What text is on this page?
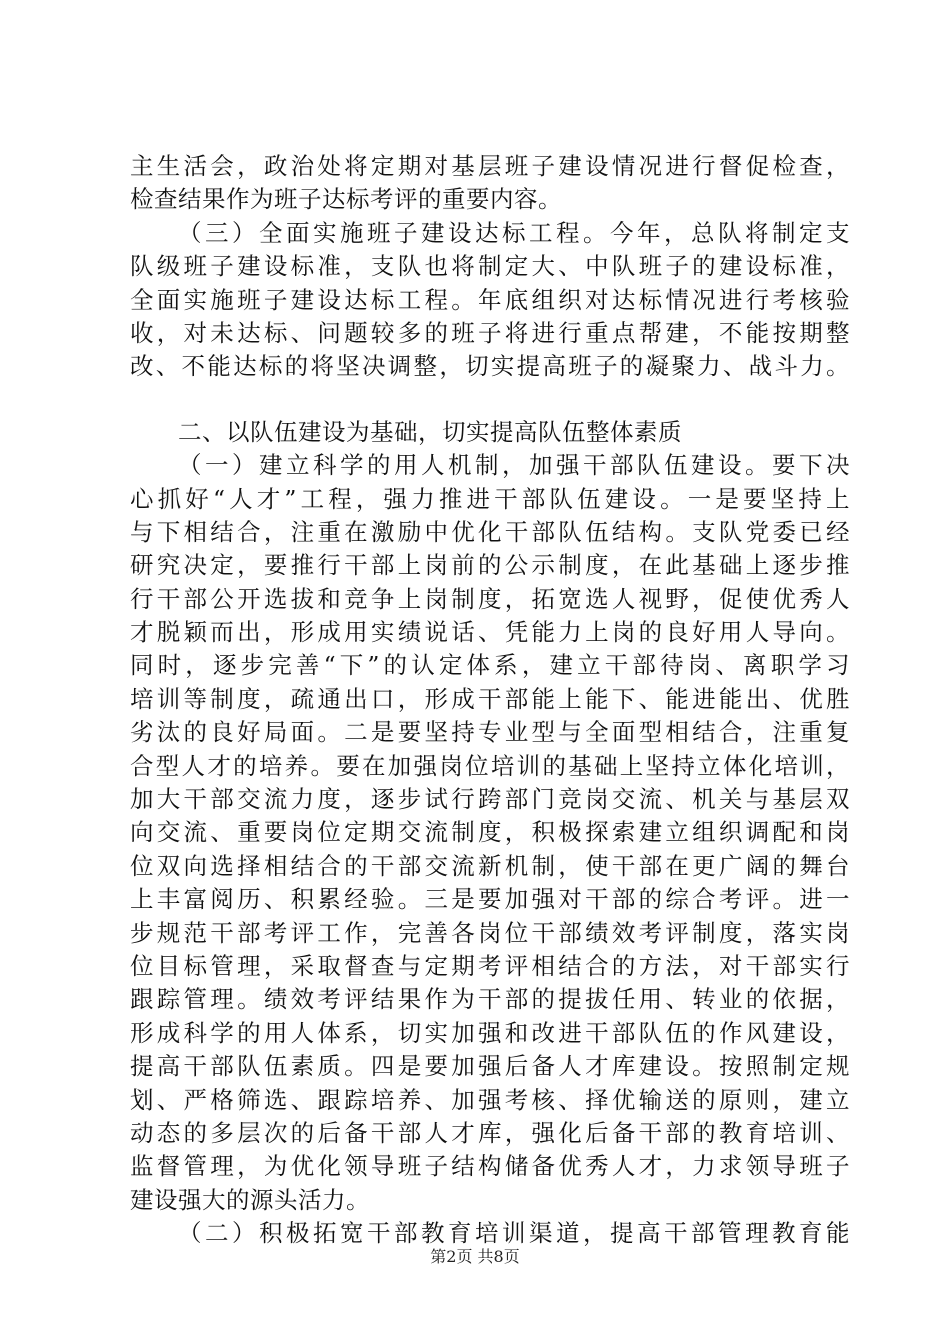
主生活会，政治处将定期对基层班子建设情况进行督促检查，
检查结果作为班子达标考评的重要内容。
（三）全面实施班子建设达标工程。今年，总队将制定支
队级班子建设标准，支队也将制定大、中队班子的建设标准，
全面实施班子建设达标工程。年底组织对达标情况进行考核验
收，对未达标、问题较多的班子将进行重点帮建，不能按期整
改、不能达标的将坚决调整，切实提高班子的凝聚力、战斗力。
二、以队伍建设为基础，切实提高队伍整体素质
（一）建立科学的用人机制，加强干部队伍建设。要下决
心抓好“人才”工程，强力推进干部队伍建设。一是要坚持上
与下相结合，注重在激励中优化干部队伍结构。支队党委已经
研究决定，要推行干部上岗前的公示制度，在此基础上逐步推
行干部公开选拔和竞争上岗制度，拓宽选人视野，促使优秀人
才脱颖而出，形成用实绩说话、凭能力上岗的良好用人导向。
同时，逐步完善“下”的认定体系，建立干部待岗、离职学习
培训等制度，疏通出口，形成干部能上能下、能进能出、优胜
劣汰的良好局面。二是要坚持专业型与全面型相结合，注重复
合型人才的培养。要在加强岗位培训的基础上坚持立体化培训，
加大干部交流力度，逐步试行跨部门竞岗交流、机关与基层双
向交流、重要岗位定期交流制度，积极探索建立组织调配和岗
位双向选择相结合的干部交流新机制，使干部在更广阔的舞台
上丰富阅历、积累经验。三是要加强对干部的综合考评。进一
步规范干部考评工作，完善各岗位干部绩效考评制度，落实岗
位目标管理，采取督查与定期考评相结合的方法，对干部实行
跟踪管理。绩效考评结果作为干部的提拔任用、转业的依据，
形成科学的用人体系，切实加强和改进干部队伍的作风建设，
提高干部队伍素质。四是要加强后备人才库建设。按照制定规
划、严格筛选、跟踪培养、加强考核、择优输送的原则，建立
动态的多层次的后备干部人才库，强化后备干部的教育培训、
监督管理，为优化领导班子结构储备优秀人才，力求领导班子
建设强大的源头活力。
（二）积极拓宽干部教育培训渠道，提高干部管理教育能
第2页 共8页
